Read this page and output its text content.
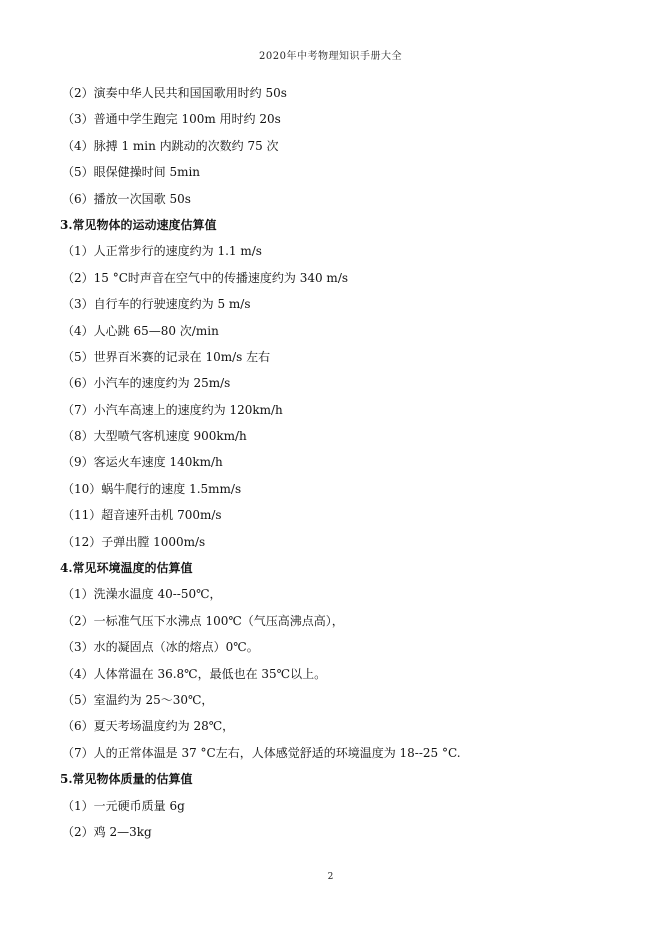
2020年中考物理知识手册大全
（2）演奏中华人民共和国国歌用时约 50s
（3）普通中学生跑完 100m 用时约 20s
（4）脉搏 1 min 内跳动的次数约 75 次
（5）眼保健操时间 5min
（6）播放一次国歌 50s
3.常见物体的运动速度估算值
（1）人正常步行的速度约为 1.1 m/s
（2）15 °C时声音在空气中的传播速度约为 340 m/s
（3）自行车的行驶速度约为 5 m/s
（4）人心跳 65—80 次/min
（5）世界百米赛的记录在 10m/s 左右
（6）小汽车的速度约为 25m/s
（7）小汽车高速上的速度约为 120km/h
（8）大型喷气客机速度 900km/h
（9）客运火车速度 140km/h
（10）蜗牛爬行的速度 1.5mm/s
（11）超音速歼击机 700m/s
（12）子弹出膛 1000m/s
4.常见环境温度的估算值
（1）洗澡水温度 40--50℃，
（2）一标准气压下水沸点 100℃（气压高沸点高），
（3）水的凝固点（冰的熔点）0℃。
（4）人体常温在 36.8℃，最低也在 35℃以上。
（5）室温约为 25～30℃，
（6）夏天考场温度约为 28℃，
（7）人的正常体温是 37 °C左右，人体感觉舒适的环境温度为 18--25 °C.
5.常见物体质量的估算值
（1）一元硬币质量 6g
（2）鸡 2—3kg
2
